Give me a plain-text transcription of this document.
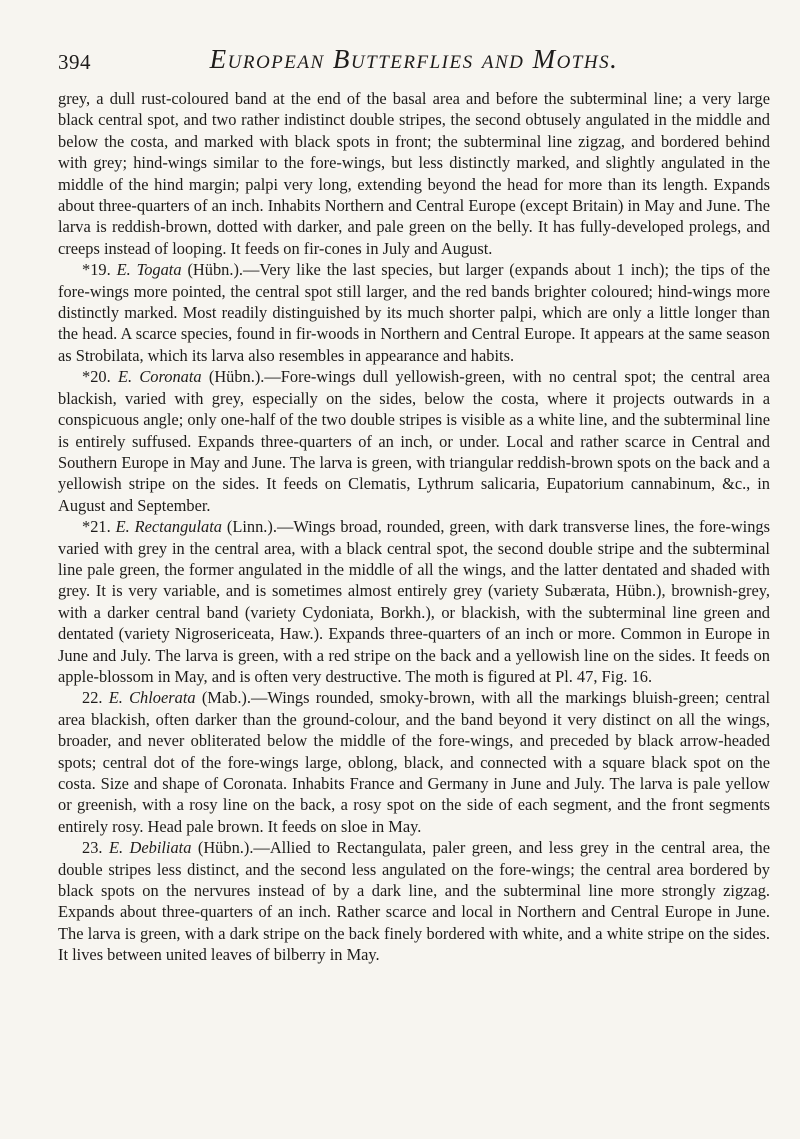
394	European Butterflies and Moths.

grey, a dull rust-coloured band at the end of the basal area and before the subterminal line; a very large black central spot, and two rather indistinct double stripes, the second obtusely angulated in the middle and below the costa, and marked with black spots in front; the subterminal line zigzag, and bordered behind with grey; hind-wings similar to the fore-wings, but less distinctly marked, and slightly angulated in the middle of the hind margin; palpi very long, extending beyond the head for more than its length. Expands about three-quarters of an inch. Inhabits Northern and Central Europe (except Britain) in May and June. The larva is reddish-brown, dotted with darker, and pale green on the belly. It has fully-developed prolegs, and creeps instead of looping. It feeds on fir-cones in July and August.

*19. E. Togata (Hübn.).—Very like the last species, but larger (expands about 1 inch); the tips of the fore-wings more pointed, the central spot still larger, and the red bands brighter coloured; hind-wings more distinctly marked. Most readily distinguished by its much shorter palpi, which are only a little longer than the head. A scarce species, found in fir-woods in Northern and Central Europe. It appears at the same season as Strobilata, which its larva also resembles in appearance and habits.

*20. E. Coronata (Hübn.).—Fore-wings dull yellowish-green, with no central spot; the central area blackish, varied with grey, especially on the sides, below the costa, where it projects outwards in a conspicuous angle; only one-half of the two double stripes is visible as a white line, and the subterminal line is entirely suffused. Expands three-quarters of an inch, or under. Local and rather scarce in Central and Southern Europe in May and June. The larva is green, with triangular reddish-brown spots on the back and a yellowish stripe on the sides. It feeds on Clematis, Lythrum salicaria, Eupatorium cannabinum, &c., in August and September.

*21. E. Rectangulata (Linn.).—Wings broad, rounded, green, with dark transverse lines, the fore-wings varied with grey in the central area, with a black central spot, the second double stripe and the subterminal line pale green, the former angulated in the middle of all the wings, and the latter dentated and shaded with grey. It is very variable, and is sometimes almost entirely grey (variety Subærata, Hübn.), brownish-grey, with a darker central band (variety Cydoniata, Borkh.), or blackish, with the subterminal line green and dentated (variety Nigrosericeata, Haw.). Expands three-quarters of an inch or more. Common in Europe in June and July. The larva is green, with a red stripe on the back and a yellowish line on the sides. It feeds on apple-blossom in May, and is often very destructive. The moth is figured at Pl. 47, Fig. 16.

22. E. Chloerata (Mab.).—Wings rounded, smoky-brown, with all the markings bluish-green; central area blackish, often darker than the ground-colour, and the band beyond it very distinct on all the wings, broader, and never obliterated below the middle of the fore-wings, and preceded by black arrow-headed spots; central dot of the fore-wings large, oblong, black, and connected with a square black spot on the costa. Size and shape of Coronata. Inhabits France and Germany in June and July. The larva is pale yellow or greenish, with a rosy line on the back, a rosy spot on the side of each segment, and the front segments entirely rosy. Head pale brown. It feeds on sloe in May.

23. E. Debiliata (Hübn.).—Allied to Rectangulata, paler green, and less grey in the central area, the double stripes less distinct, and the second less angulated on the fore-wings; the central area bordered by black spots on the nervures instead of by a dark line, and the subterminal line more strongly zigzag. Expands about three-quarters of an inch. Rather scarce and local in Northern and Central Europe in June. The larva is green, with a dark stripe on the back finely bordered with white, and a white stripe on the sides. It lives between united leaves of bilberry in May.
